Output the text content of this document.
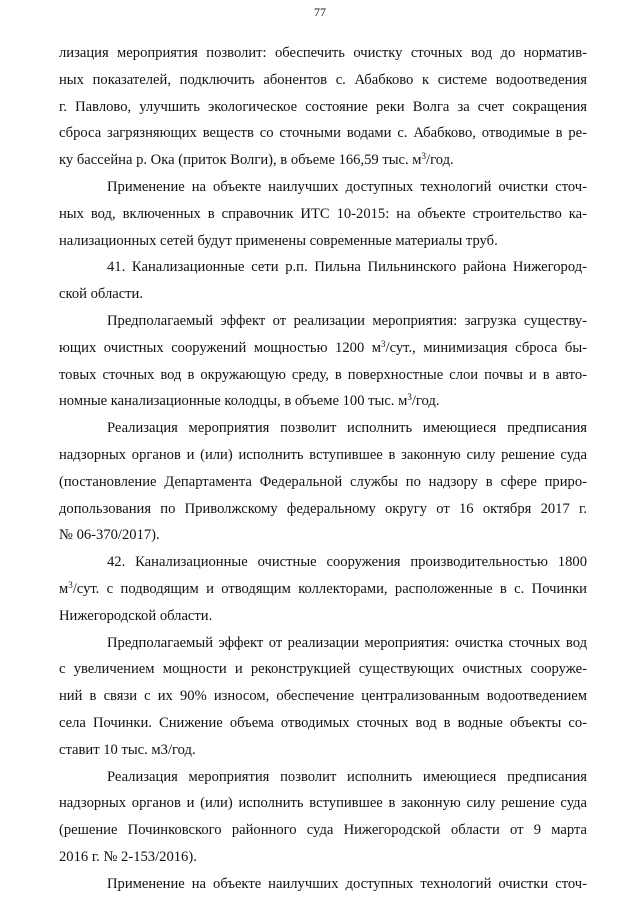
77
лизация мероприятия позволит: обеспечить очистку сточных вод до норматив-
ных показателей, подключить абонентов с. Абабково к системе водоотведения
г. Павлово, улучшить экологическое состояние реки Волга за счет сокращения
сброса загрязняющих веществ со сточными водами с. Абабково, отводимые в ре-
ку бассейна р. Ока (приток Волги), в объеме 166,59 тыс. $м^3$/год.
Применение на объекте наилучших доступных технологий очистки сточ-
ных вод, включенных в справочник ИТС 10-2015: на объекте строительство ка-
нализационных сетей будут применены современные материалы труб.
41. Канализационные сети р.п. Пильна Пильнинского района Нижегород-
ской области.
Предполагаемый эффект от реализации мероприятия: загрузка существу-
ющих очистных сооружений мощностью 1200 $м^3$/сут., минимизация сброса бы-
товых сточных вод в окружающую среду, в поверхностные слои почвы и в авто-
номные канализационные колодцы, в объеме 100 тыс. $м^3$/год.
Реализация мероприятия позволит исполнить имеющиеся предписания
надзорных органов и (или) исполнить вступившее в законную силу решение суда
(постановление Департамента Федеральной службы по надзору в сфере приро-
допользования по Приволжскому федеральному округу от 16 октября 2017 г.
№ 06-370/2017).
42. Канализационные очистные сооружения производительностью 1800
$м^3$/сут. с подводящим и отводящим коллекторами, расположенные в с. Починки
Нижегородской области.
Предполагаемый эффект от реализации мероприятия: очистка сточных вод
с увеличением мощности и реконструкцией существующих очистных сооруже-
ний в связи с их 90% износом, обеспечение централизованным водоотведением
села Починки. Снижение объема отводимых сточных вод в водные объекты со-
ставит 10 тыс. м3/год.
Реализация мероприятия позволит исполнить имеющиеся предписания
надзорных органов и (или) исполнить вступившее в законную силу решение суда
(решение Починковского районного суда Нижегородской области от 9 марта
2016 г. № 2-153/2016).
Применение на объекте наилучших доступных технологий очистки сточ-
